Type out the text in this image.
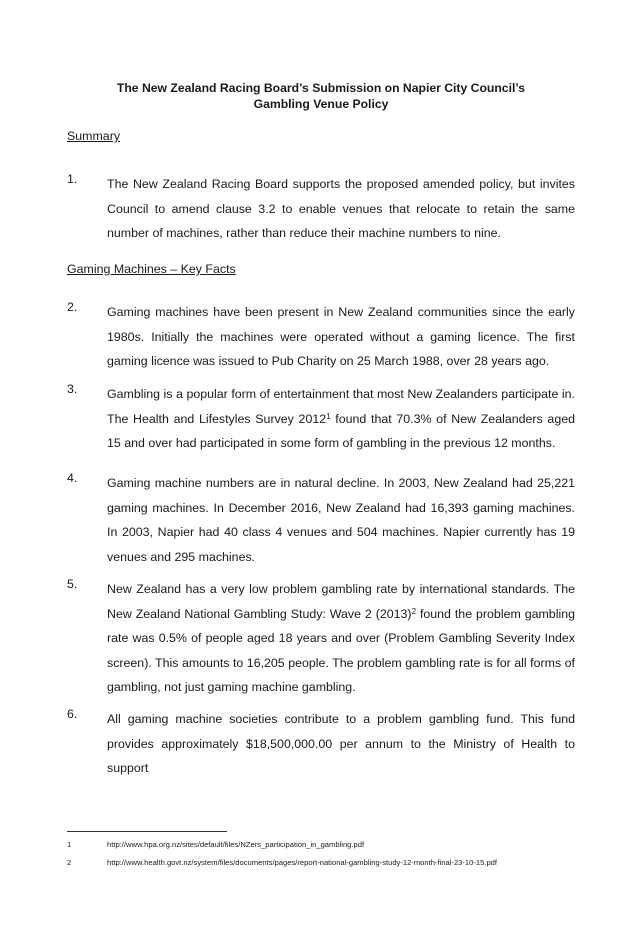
The New Zealand Racing Board’s Submission on Napier City Council’s
Gambling Venue Policy
Summary
1. The New Zealand Racing Board supports the proposed amended policy, but invites Council to amend clause 3.2 to enable venues that relocate to retain the same number of machines, rather than reduce their machine numbers to nine.
Gaming Machines – Key Facts
2. Gaming machines have been present in New Zealand communities since the early 1980s. Initially the machines were operated without a gaming licence. The first gaming licence was issued to Pub Charity on 25 March 1988, over 28 years ago.
3. Gambling is a popular form of entertainment that most New Zealanders participate in. The Health and Lifestyles Survey 2012$^1$ found that 70.3% of New Zealanders aged 15 and over had participated in some form of gambling in the previous 12 months.
4. Gaming machine numbers are in natural decline. In 2003, New Zealand had 25,221 gaming machines. In December 2016, New Zealand had 16,393 gaming machines. In 2003, Napier had 40 class 4 venues and 504 machines. Napier currently has 19 venues and 295 machines.
5. New Zealand has a very low problem gambling rate by international standards. The New Zealand National Gambling Study: Wave 2 $(2013)^2$ found the problem gambling rate was 0.5% of people aged 18 years and over (Problem Gambling Severity Index screen). This amounts to 16,205 people. The problem gambling rate is for all forms of gambling, not just gaming machine gambling.
6. All gaming machine societies contribute to a problem gambling fund. This fund provides approximately $18,500,000.00 per annum to the Ministry of Health to support
1	http://www.hpa.org.nz/sites/default/files/NZers_participation_in_gambling.pdf
2	http://www.health.govt.nz/system/files/documents/pages/report-national-gambling-study-12-month-final-23-10-15.pdf
